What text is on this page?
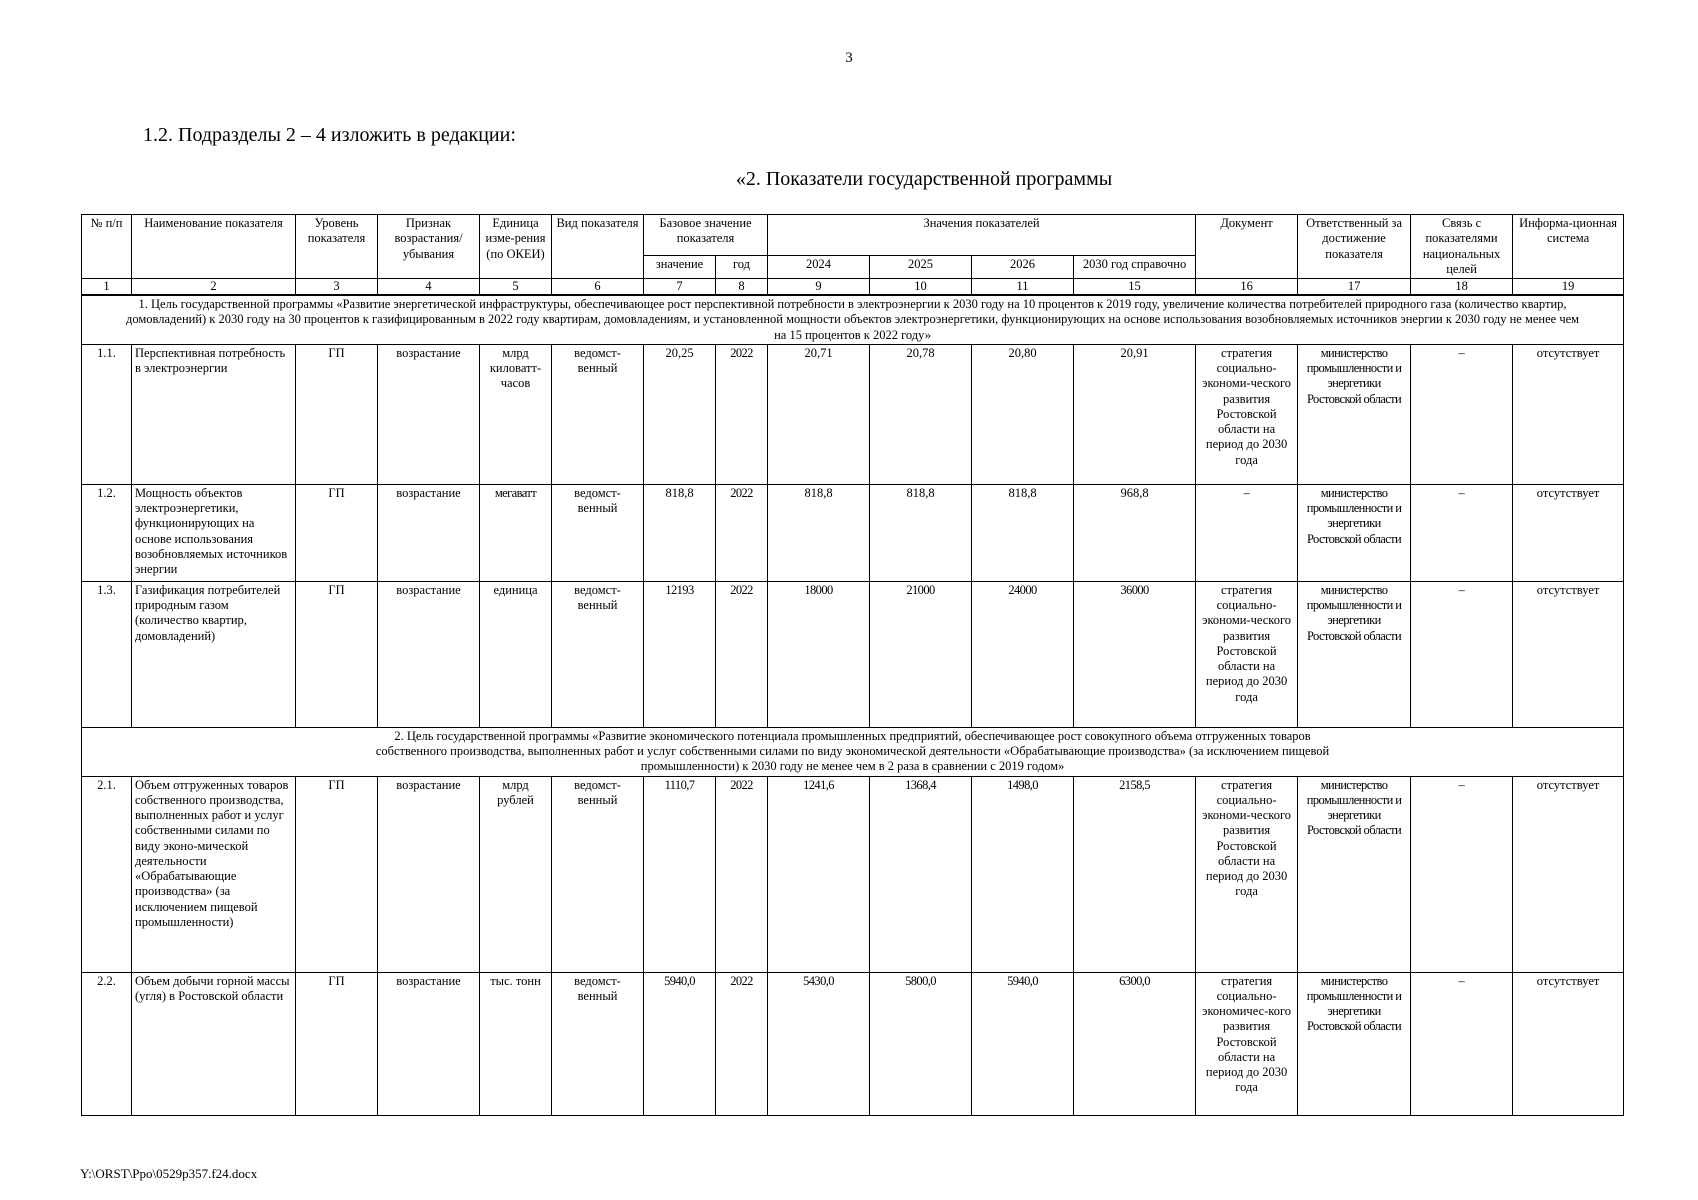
3
1.2. Подразделы 2 – 4 изложить в редакции:
«2. Показатели государственной программы
№ п/п	Наименование показателя	Уровень показателя	Признак возрастания/ убывания	Единица изме-рения (по ОКЕИ)	Вид показателя	Базовое значение показателя		Значения показателей				Документ	Ответственный за достижение показателя	Связь с показателями национальных целей	Информа-ционная система
						значение	год	2024	2025	2026	2030 год справочно				
1	2	3	4	5	6	7	8	9	10	11	15	16	17	18	19
1. Цель государственной программы «Развитие энергетической инфраструктуры, обеспечивающее рост перспективной потребности в электроэнергии к 2030 году на 10 процентов к 2019 году, увеличение количества потребителей природного газа (количество квартир, домовладений) к 2030 году на 30 процентов к газифицированным в 2022 году квартирам, домовладениям, и установленной мощности объектов электроэнергетики, функционирующих на основе использования возобновляемых источников энергии к 2030 году не менее чем на 15 процентов к 2022 году»															
1.1.	Перспективная потребность в электроэнергии	ГП	возрастание	млрд киловатт-часов	ведомст-венный	20,25	2022	20,71	20,78	20,80	20,91	стратегия социально-экономи-ческого развития Ростовской области на период до 2030 года	министерство промышленности и энергетики Ростовской области	–	отсутствует
1.2.	Мощность объектов электроэнергетики, функционирующих на основе использования возобновляемых источников энергии	ГП	возрастание	мегаватт	ведомст-венный	818,8	2022	818,8	818,8	818,8	968,8	–	министерство промышленности и энергетики Ростовской области	–	отсутствует
1.3.	Газификация потребителей природным газом (количество квартир, домовладений)	ГП	возрастание	единица	ведомст-венный	12193	2022	18000	21000	24000	36000	стратегия социально-экономи-ческого развития Ростовской области на период до 2030 года	министерство промышленности и энергетики Ростовской области	–	отсутствует
2. Цель государственной программы «Развитие экономического потенциала промышленных предприятий, обеспечивающее рост совокупного объема отгруженных товаров собственного производства, выполненных работ и услуг собственными силами по виду экономической деятельности «Обрабатывающие производства» (за исключением пищевой промышленности) к 2030 году не менее чем в 2 раза в сравнении с 2019 годом»															
2.1.	Объем отгруженных товаров собственного производства, выполненных работ и услуг собственными силами по виду эконо-мической деятельности «Обрабатывающие производства» (за исключением пищевой промышленности)	ГП	возрастание	млрд рублей	ведомст-венный	1110,7	2022	1241,6	1368,4	1498,0	2158,5	стратегия социально-экономи-ческого развития Ростовской области на период до 2030 года	министерство промышленности и энергетики Ростовской области	–	отсутствует
2.2.	Объем добычи горной массы (угля) в Ростовской области	ГП	возрастание	тыс. тонн	ведомст-венный	5940,0	2022	5430,0	5800,0	5940,0	6300,0	стратегия социально-экономичес-кого развития Ростовской области на период до 2030 года	министерство промышленности и энергетики Ростовской области	–	отсутствует
Y:\ORST\Ppo\0529p357.f24.docx
